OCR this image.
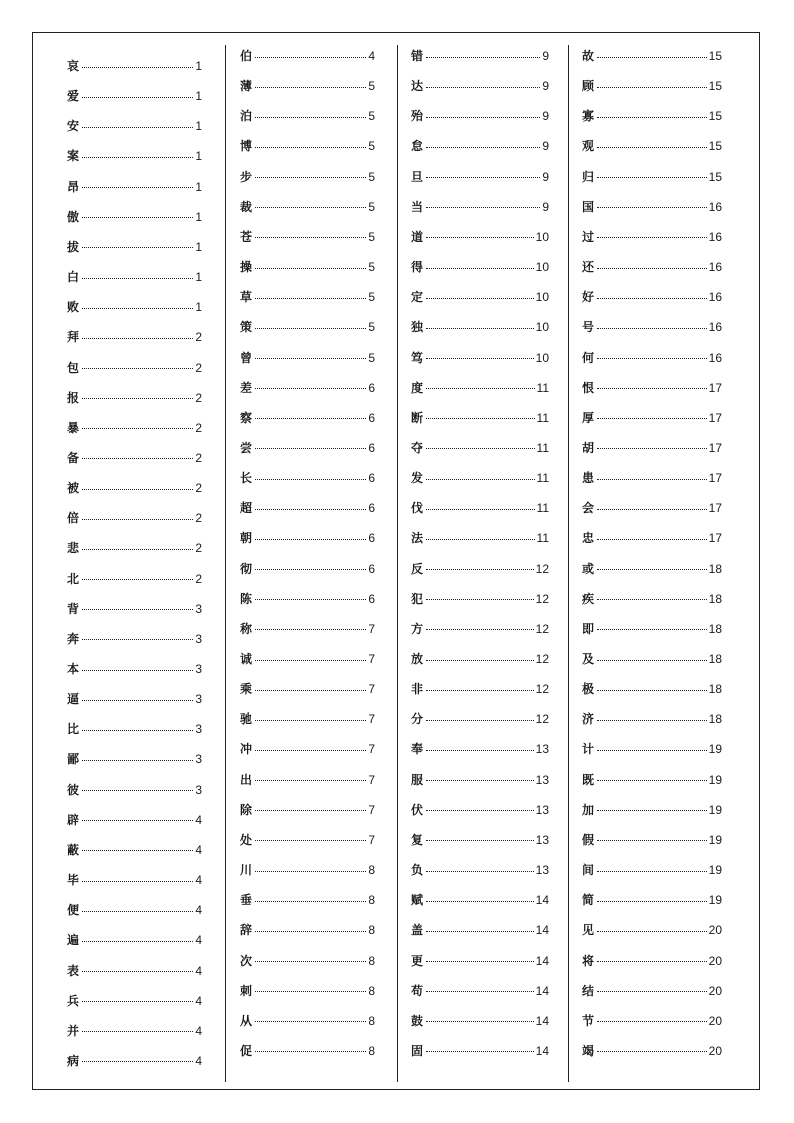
哀	1
爱	1
安	1
案	1
昂	1
傲	1
拔	1
白	1
败	1
拜	2
包	2
报	2
暴	2
备	2
被	2
倍	2
悲	2
北	2
背	3
奔	3
本	3
逼	3
比	3
鄙	3
彼	3
辟	4
蔽	4
毕	4
便	4
遍	4
表	4
兵	4
并	4
病	4
伯	4
薄	5
泊	5
博	5
步	5
裁	5
苍	5
操	5
草	5
策	5
曾	5
差	6
察	6
尝	6
长	6
超	6
朝	6
彻	6
陈	6
称	7
诚	7
乘	7
驰	7
冲	7
出	7
除	7
处	7
川	8
垂	8
辞	8
次	8
刺	8
从	8
促	8
错	9
达	9
殆	9
怠	9
旦	9
当	9
道	10
得	10
定	10
独	10
笃	10
度	11
断	11
夺	11
发	11
伐	11
法	11
反	12
犯	12
方	12
放	12
非	12
分	12
奉	13
服	13
伏	13
复	13
负	13
赋	14
盖	14
更	14
苟	14
鼓	14
固	14
故	15
顾	15
寡	15
观	15
归	15
国	16
过	16
还	16
好	16
号	16
何	16
恨	17
厚	17
胡	17
患	17
会	17
忠	17
或	18
疾	18
即	18
及	18
极	18
济	18
计	19
既	19
加	19
假	19
间	19
简	19
见	20
将	20
结	20
节	20
竭	20
